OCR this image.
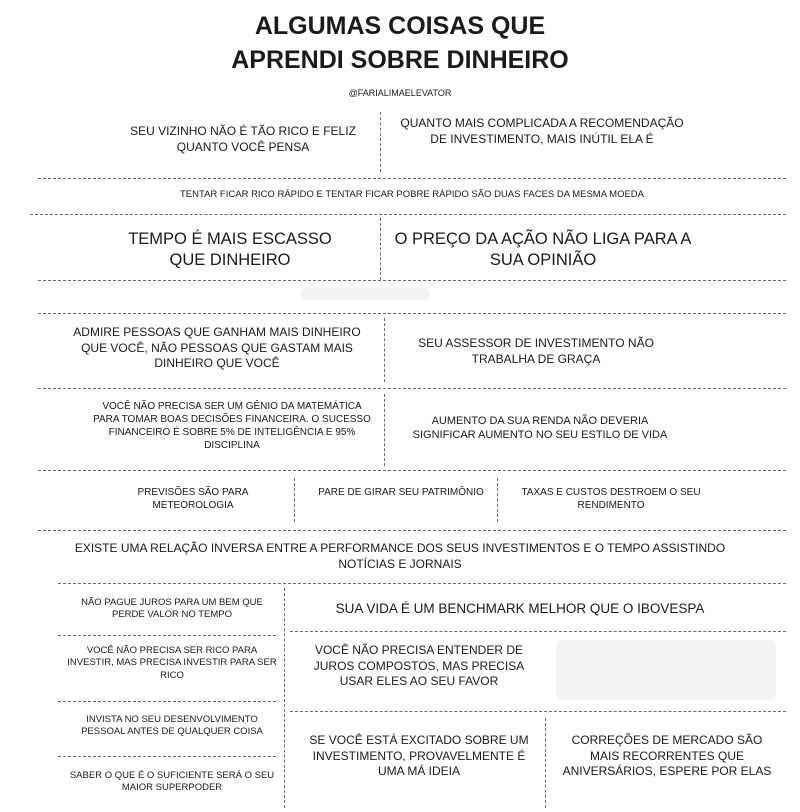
ALGUMAS COISAS QUE
APRENDI SOBRE DINHEIRO
@FARIALIMAELEVATOR
SEU VIZINHO NÃO É TÃO RICO E FELIZ QUANTO VOCÊ PENSA
QUANTO MAIS COMPLICADA A RECOMENDAÇÃO DE INVESTIMENTO, MAIS INÚTIL ELA É
TENTAR FICAR RICO RÁPIDO E TENTAR FICAR POBRE RÁPIDO SÃO DUAS FACES DA MESMA MOEDA
TEMPO É MAIS ESCASSO QUE DINHEIRO
O PREÇO DA AÇÃO NÃO LIGA PARA A SUA OPINIÃO
ADMIRE PESSOAS QUE GANHAM MAIS DINHEIRO QUE VOCÊ, NÃO PESSOAS QUE GASTAM MAIS DINHEIRO QUE VOCÊ
SEU ASSESSOR DE INVESTIMENTO NÃO TRABALHA DE GRAÇA
VOCÊ NÃO PRECISA SER UM GÊNIO DA MATEMÁTICA PARA TOMAR BOAS DECISÕES FINANCEIRA. O SUCESSO FINANCEIRO É SOBRE 5% DE INTELIGÊNCIA E 95% DISCIPLINA
AUMENTO DA SUA RENDA NÃO DEVERIA SIGNIFICAR AUMENTO NO SEU ESTILO DE VIDA
PREVISÕES SÃO PARA METEOROLOGIA
PARE DE GIRAR SEU PATRIMÔNIO	TAXAS E CUSTOS DESTROEM O SEU RENDIMENTO
EXISTE UMA RELAÇÃO INVERSA ENTRE A PERFORMANCE DOS SEUS INVESTIMENTOS E O TEMPO ASSISTINDO NOTÍCIAS E JORNAIS
NÃO PAGUE JUROS PARA UM BEM QUE PERDE VALOR NO TEMPO
VOCÊ NÃO PRECISA SER RICO PARA INVESTIR, MAS PRECISA INVESTIR PARA SER RICO
INVISTA NO SEU DESENVOLVIMENTO PESSOAL ANTES DE QUALQUER COISA
SABER O QUE É O SUFICIENTE SERÁ O SEU MAIOR SUPERPODER
SUA VIDA É UM BENCHMARK MELHOR QUE O IBOVESPA
VOCÊ NÃO PRECISA ENTENDER DE JUROS COMPOSTOS, MAS PRECISA USAR ELES AO SEU FAVOR
SE VOCÊ ESTÁ EXCITADO SOBRE UM INVESTIMENTO, PROVAVELMENTE É UMA MÁ IDEIA
CORREÇÕES DE MERCADO SÃO MAIS RECORRENTES QUE ANIVERSÁRIOS, ESPERE POR ELAS
